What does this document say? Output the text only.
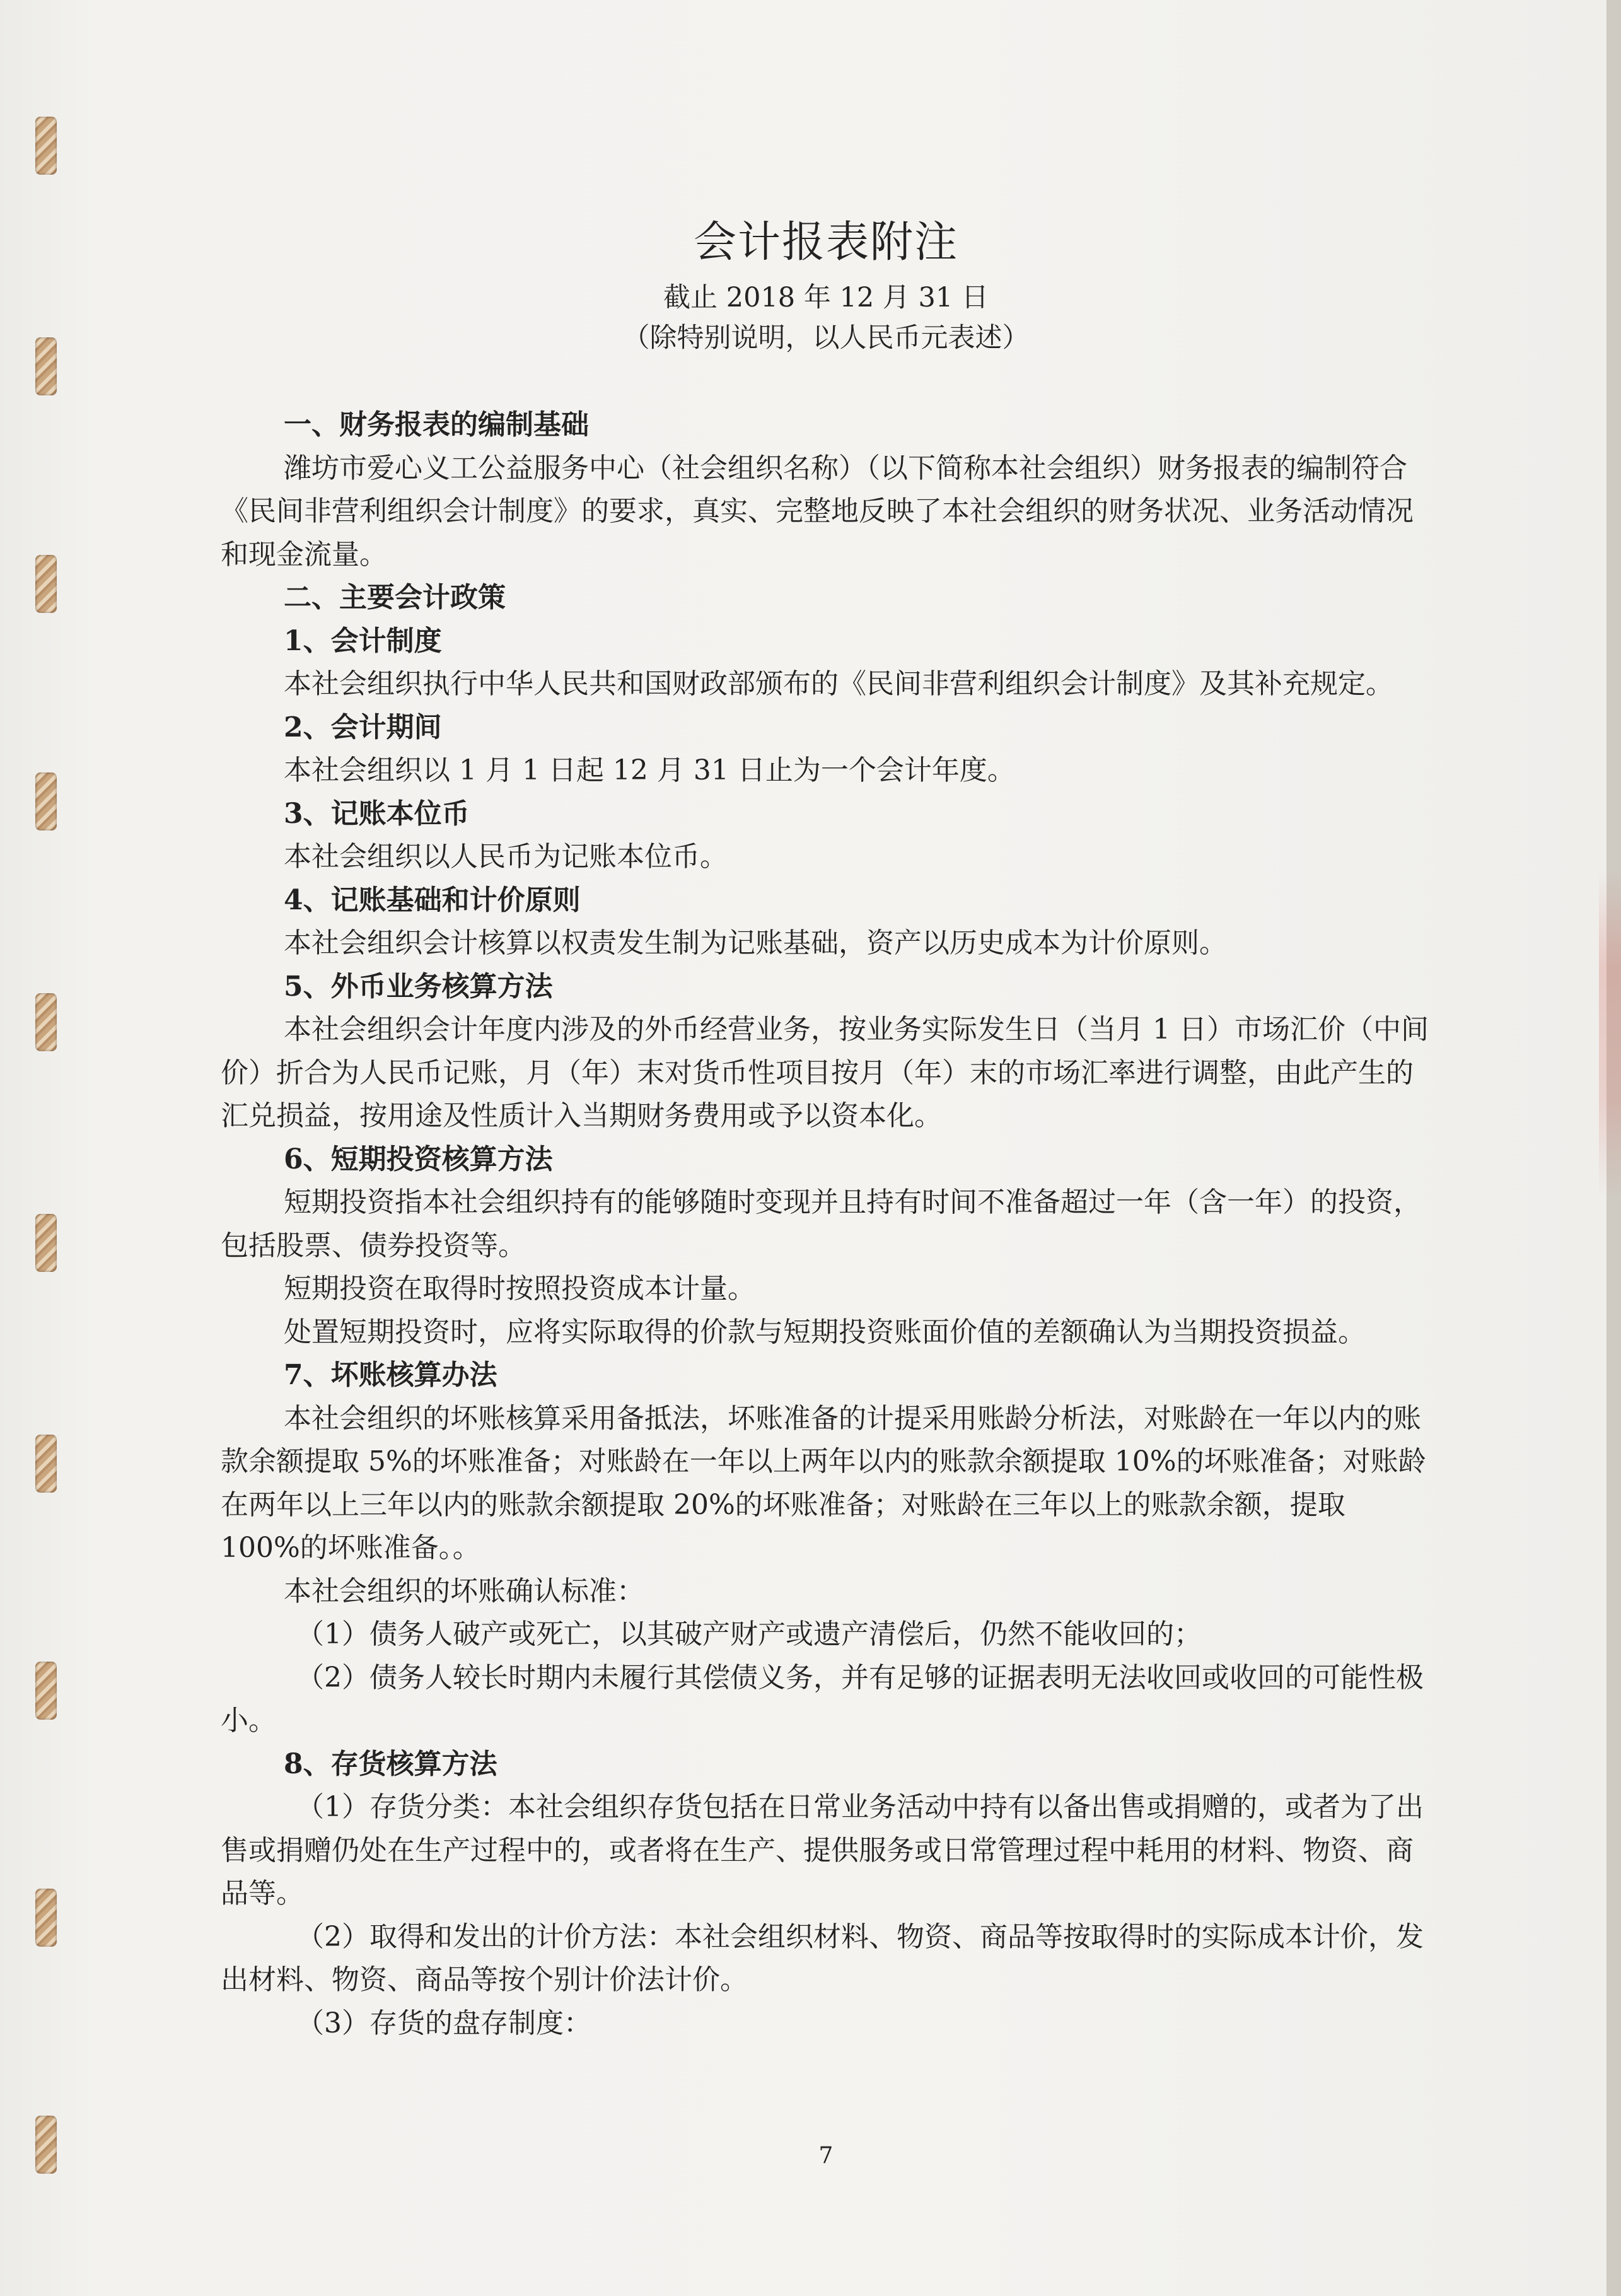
会计报表附注

截止 2018 年 12 月 31 日

（除特别说明，以人民币元表述）

一、财务报表的编制基础

潍坊市爱心义工公益服务中心（社会组织名称）（以下简称本社会组织）财务报表的编制符合《民间非营利组织会计制度》的要求，真实、完整地反映了本社会组织的财务状况、业务活动情况和现金流量。

二、主要会计政策

1、会计制度

本社会组织执行中华人民共和国财政部颁布的《民间非营利组织会计制度》及其补充规定。

2、会计期间

本社会组织以 1 月 1 日起 12 月 31 日止为一个会计年度。

3、记账本位币

本社会组织以人民币为记账本位币。

4、记账基础和计价原则

本社会组织会计核算以权责发生制为记账基础，资产以历史成本为计价原则。

5、外币业务核算方法

本社会组织会计年度内涉及的外币经营业务，按业务实际发生日（当月 1 日）市场汇价（中间价）折合为人民币记账，月（年）末对货币性项目按月（年）末的市场汇率进行调整，由此产生的汇兑损益，按用途及性质计入当期财务费用或予以资本化。

6、短期投资核算方法

短期投资指本社会组织持有的能够随时变现并且持有时间不准备超过一年（含一年）的投资，包括股票、债券投资等。

短期投资在取得时按照投资成本计量。

处置短期投资时，应将实际取得的价款与短期投资账面价值的差额确认为当期投资损益。

7、坏账核算办法

本社会组织的坏账核算采用备抵法，坏账准备的计提采用账龄分析法，对账龄在一年以内的账款余额提取 5%的坏账准备；对账龄在一年以上两年以内的账款余额提取 10%的坏账准备；对账龄在两年以上三年以内的账款余额提取 20%的坏账准备；对账龄在三年以上的账款余额，提取 100%的坏账准备。。

本社会组织的坏账确认标准：

（1）债务人破产或死亡，以其破产财产或遗产清偿后，仍然不能收回的；

（2）债务人较长时期内未履行其偿债义务，并有足够的证据表明无法收回或收回的可能性极小。

8、存货核算方法

（1）存货分类：本社会组织存货包括在日常业务活动中持有以备出售或捐赠的，或者为了出售或捐赠仍处在生产过程中的，或者将在生产、提供服务或日常管理过程中耗用的材料、物资、商品等。

（2）取得和发出的计价方法：本社会组织材料、物资、商品等按取得时的实际成本计价，发出材料、物资、商品等按个别计价法计价。

（3）存货的盘存制度：

7
